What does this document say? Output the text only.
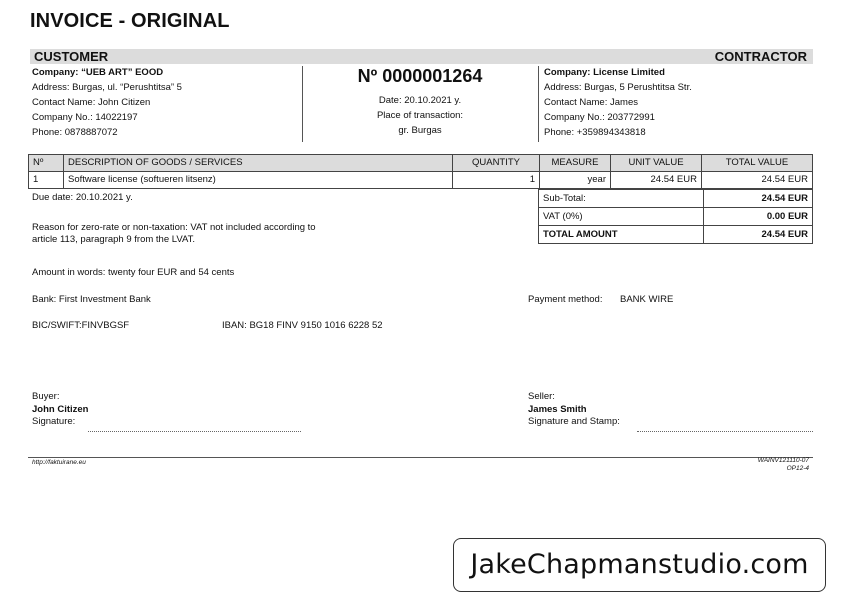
INVOICE - ORIGINAL
CUSTOMER	CONTRACTOR
Company: “UEB ART” EOOD
Address: Burgas, ul. “Perushtitsa” 5
Contact Name: John Citizen
Company No.: 14022197
Phone: 0878887072
Nº 0000001264
Date: 20.10.2021 y.
Place of transaction:
gr. Burgas
Company: License Limited
Address: Burgas, 5 Perushtitsa Str.
Contact Name: James
Company No.: 203772991
Phone: +359894343818
Nº	DESCRIPTION OF GOODS / SERVICES	QUANTITY	MEASURE	UNIT VALUE	TOTAL VALUE
1	Software license (softueren litsenz)	1	year	24.54 EUR	24.54 EUR
Sub-Total:	24.54 EUR
VAT (0%)	0.00 EUR
TOTAL AMOUNT	24.54 EUR
Due date: 20.10.2021 y.
Reason for zero-rate or non-taxation: VAT not included according to
article 113, paragraph 9 from the LVAT.
Amount in words: twenty four EUR and 54 cents
Bank: First Investment Bank	Payment method: BANK WIRE
BIC/SWIFT:FINVBGSF	IBAN: BG18 FINV 9150 1016 6228 52
Buyer:
John Citizen
Signature:
Seller:
James Smith
Signature and Stamp:
http://faktuirane.eu	WAINV121110-07
OP12-4
JakeChapmanstudio.com
